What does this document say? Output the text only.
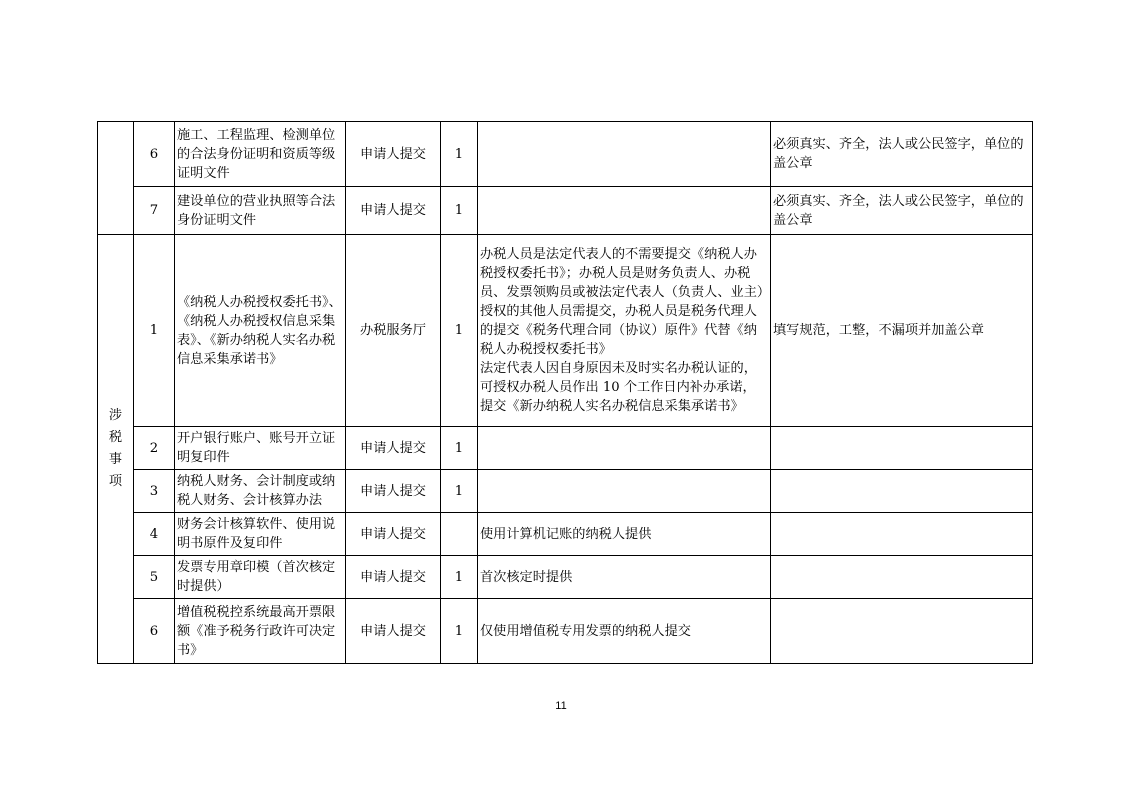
	6	施工、工程监理、检测单位的合法身份证明和资质等级证明文件	申请人提交	1		必须真实、齐全，法人或公民签字，单位的盖公章
	7	建设单位的营业执照等合法身份证明文件	申请人提交	1		必须真实、齐全，法人或公民签字，单位的盖公章

涉税事项	1	《纳税人办税授权委托书》、《纳税人办税授权信息采集表》、《新办纳税人实名办税信息采集承诺书》	办税服务厅	1	办税人员是法定代表人的不需要提交《纳税人办税授权委托书》；办税人员是财务负责人、办税员、发票领购员或被法定代表人（负责人、业主）授权的其他人员需提交，办税人员是税务代理人的提交《税务代理合同（协议）原件》代替《纳税人办税授权委托书》
法定代表人因自身原因未及时实名办税认证的，可授权办税人员作出 10 个工作日内补办承诺，提交《新办纳税人实名办税信息采集承诺书》	填写规范，工整，不漏项并加盖公章
	2	开户银行账户、账号开立证明复印件	申请人提交	1		
	3	纳税人财务、会计制度或纳税人财务、会计核算办法	申请人提交	1		
	4	财务会计核算软件、使用说明书原件及复印件	申请人提交		使用计算机记账的纳税人提供	
	5	发票专用章印模（首次核定时提供）	申请人提交	1	首次核定时提供	
	6	增值税税控系统最高开票限额《准予税务行政许可决定书》	申请人提交	1	仅使用增值税专用发票的纳税人提交	
11
